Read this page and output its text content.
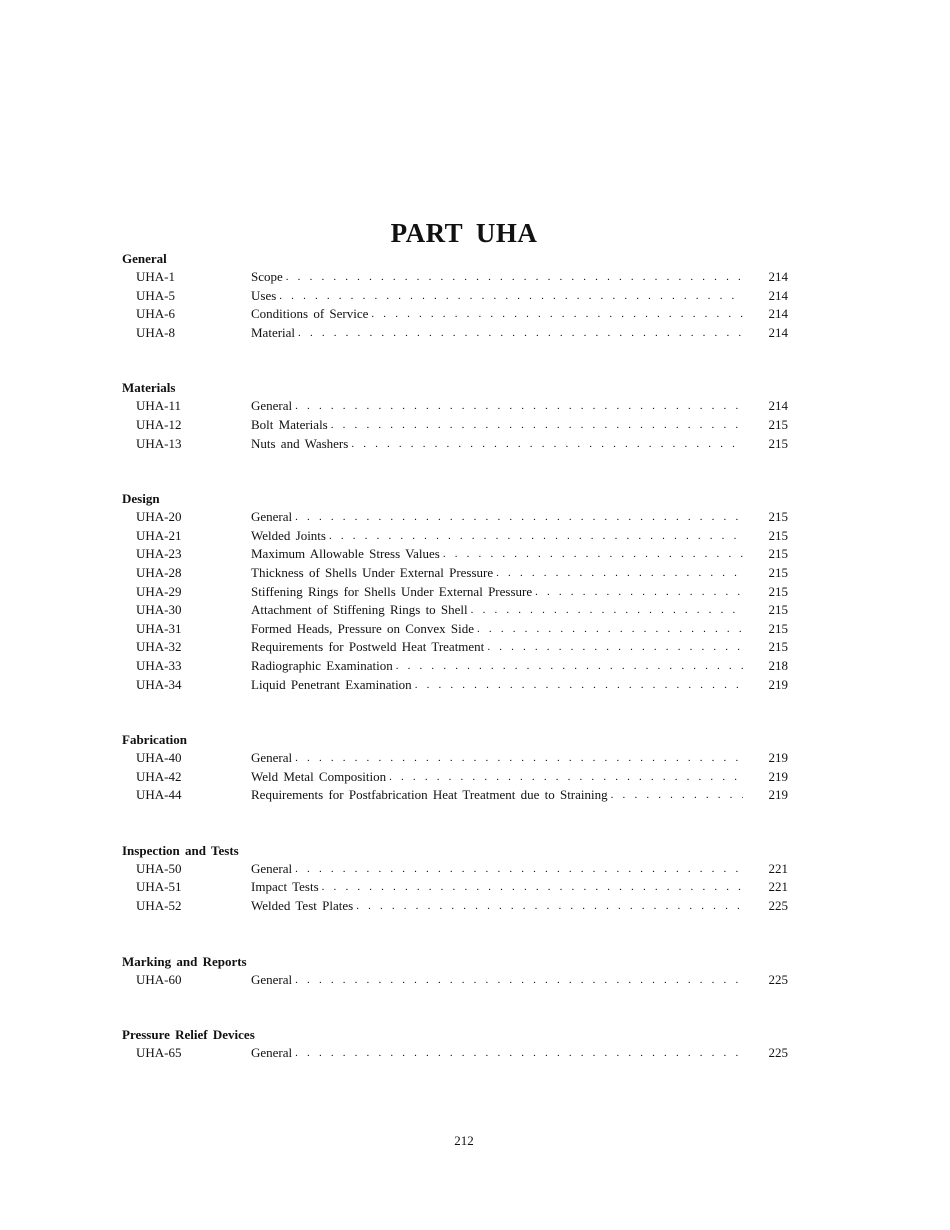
PART UHA
General
UHA-1	Scope . . .	214
UHA-5	Uses . . .	214
UHA-6	Conditions of Service . . .	214
UHA-8	Material . . .	214
Materials
UHA-11	General . . .	214
UHA-12	Bolt Materials . . .	215
UHA-13	Nuts and Washers . . .	215
Design
UHA-20	General . . .	215
UHA-21	Welded Joints . . .	215
UHA-23	Maximum Allowable Stress Values . . .	215
UHA-28	Thickness of Shells Under External Pressure . . .	215
UHA-29	Stiffening Rings for Shells Under External Pressure . . .	215
UHA-30	Attachment of Stiffening Rings to Shell . . .	215
UHA-31	Formed Heads, Pressure on Convex Side . . .	215
UHA-32	Requirements for Postweld Heat Treatment . . .	215
UHA-33	Radiographic Examination . . .	218
UHA-34	Liquid Penetrant Examination . . .	219
Fabrication
UHA-40	General . . .	219
UHA-42	Weld Metal Composition . . .	219
UHA-44	Requirements for Postfabrication Heat Treatment due to Straining . . .	219
Inspection and Tests
UHA-50	General . . .	221
UHA-51	Impact Tests . . .	221
UHA-52	Welded Test Plates . . .	225
Marking and Reports
UHA-60	General . . .	225
Pressure Relief Devices
UHA-65	General . . .	225
212
